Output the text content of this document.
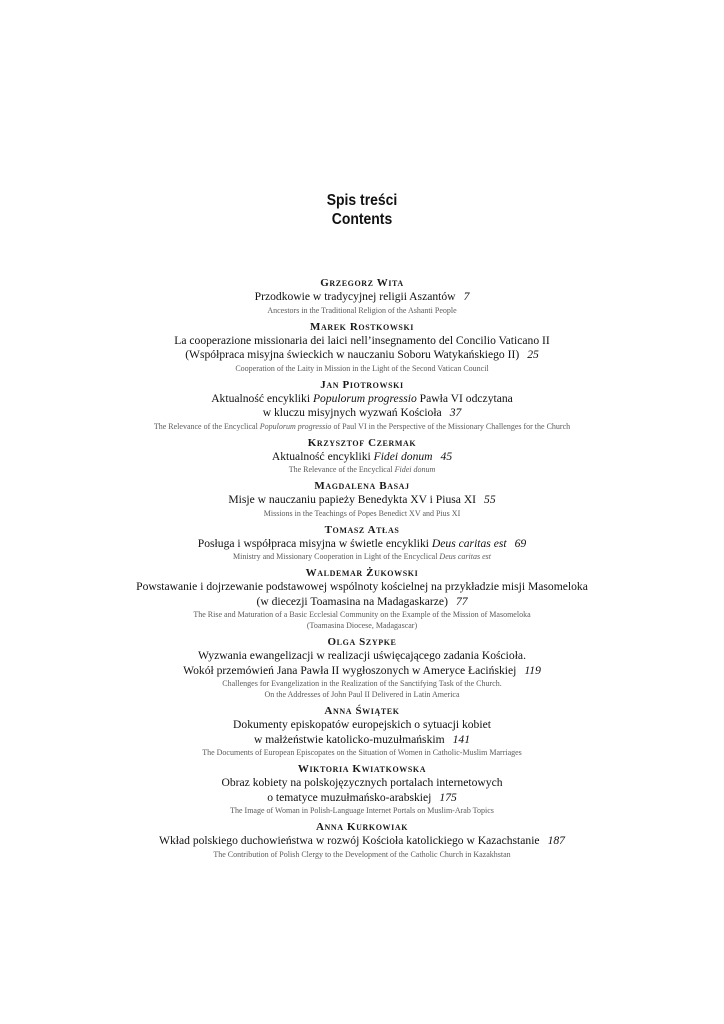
Spis treści
Contents
Grzegorz Wita
Przodkowie w tradycyjnej religii Aszantów 7
Ancestors in the Traditional Religion of the Ashanti People
Marek Rostkowski
La cooperazione missionaria dei laici nell’insegnamento del Concilio Vaticano II
(Współpraca misyjna świeckich w nauczaniu Soboru Watykańskiego II) 25
Cooperation of the Laity in Mission in the Light of the Second Vatican Council
Jan Piotrowski
Aktualność encykliki Populorum progressio Pawła VI odczytana
w kluczu misyjnych wyzwań Kościoła 37
The Relevance of the Encyclical Populorum progressio of Paul VI in the Perspective of the Missionary Challenges for the Church
Krzysztof Czermak
Aktualność encykliki Fidei donum 45
The Relevance of the Encyclical Fidei donum
Magdalena Basaj
Misje w nauczaniu papieży Benedykta XV i Piusa XI 55
Missions in the Teachings of Popes Benedict XV and Pius XI
Tomasz Atłas
Posługa i współpraca misyjna w świetle encykliki Deus caritas est 69
Ministry and Missionary Cooperation in Light of the Encyclical Deus caritas est
Waldemar Żukowski
Powstawanie i dojrzewanie podstawowej wspólnoty kościelnej na przykładzie misji Masomeloka
(w diecezji Toamasina na Madagaskarze) 77
The Rise and Maturation of a Basic Ecclesial Community on the Example of the Mission of Masomeloka
(Toamasina Diocese, Madagascar)
Olga Szypke
Wyzwania ewangelizacji w realizacji uświęcającego zadania Kościoła.
Wokół przemówień Jana Pawła II wygłoszonych w Ameryce Łacińskiej 119
Challenges for Evangelization in the Realization of the Sanctifying Task of the Church.
On the Addresses of John Paul II Delivered in Latin America
Anna Świątek
Dokumenty episkopatów europejskich o sytuacji kobiet
w małżeństwie katolicko-muzułmańskim 141
The Documents of European Episcopates on the Situation of Women in Catholic-Muslim Marriages
Wiktoria Kwiatkowska
Obraz kobiety na polskojęzycznych portalach internetowych
o tematyce muzułmańsko-arabskiej 175
The Image of Woman in Polish-Language Internet Portals on Muslim-Arab Topics
Anna Kurkowiak
Wkład polskiego duchowieństwa w rozwój Kościoła katolickiego w Kazachstanie 187
The Contribution of Polish Clergy to the Development of the Catholic Church in Kazakhstan
